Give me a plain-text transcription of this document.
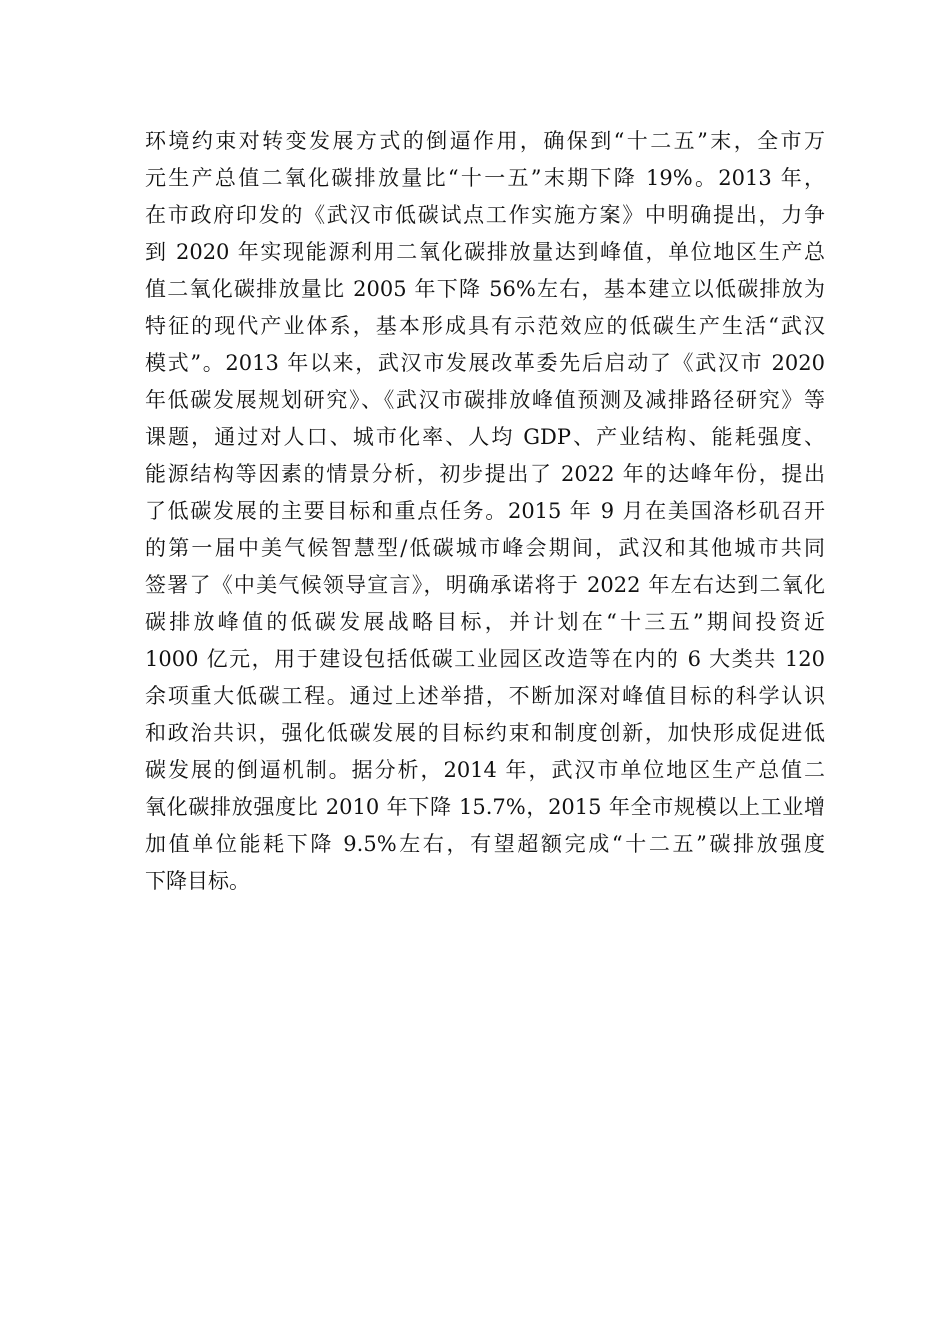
环境约束对转变发展方式的倒逼作用，确保到“十二五”末，全市万
元生产总值二氧化碳排放量比“十一五”末期下降 19%。2013 年，
在市政府印发的《武汉市低碳试点工作实施方案》中明确提出，力争
到 2020 年实现能源利用二氧化碳排放量达到峰值，单位地区生产总
值二氧化碳排放量比 2005 年下降 56%左右，基本建立以低碳排放为
特征的现代产业体系，基本形成具有示范效应的低碳生产生活“武汉
模式”。2013 年以来，武汉市发展改革委先后启动了《武汉市 2020
年低碳发展规划研究》、《武汉市碳排放峰值预测及减排路径研究》等
课题，通过对人口、城市化率、人均 GDP、产业结构、能耗强度、
能源结构等因素的情景分析，初步提出了 2022 年的达峰年份，提出
了低碳发展的主要目标和重点任务。2015 年 9 月在美国洛杉矶召开
的第一届中美气候智慧型/低碳城市峰会期间，武汉和其他城市共同
签署了《中美气候领导宣言》，明确承诺将于 2022 年左右达到二氧化
碳排放峰值的低碳发展战略目标，并计划在“十三五”期间投资近
1000 亿元，用于建设包括低碳工业园区改造等在内的 6 大类共 120
余项重大低碳工程。通过上述举措，不断加深对峰值目标的科学认识
和政治共识，强化低碳发展的目标约束和制度创新，加快形成促进低
碳发展的倒逼机制。据分析，2014 年，武汉市单位地区生产总值二
氧化碳排放强度比 2010 年下降 15.7%，2015 年全市规模以上工业增
加值单位能耗下降 9.5%左右，有望超额完成“十二五”碳排放强度
下降目标。
